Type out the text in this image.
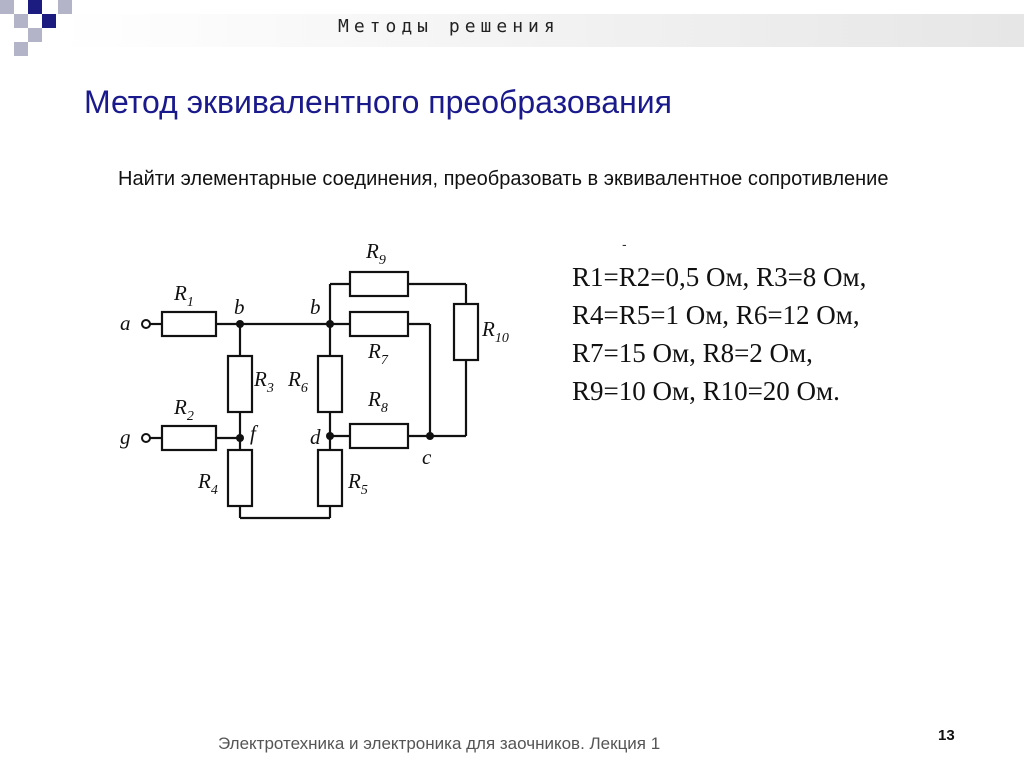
Методы решения
Метод эквивалентного преобразования
Найти элементарные соединения, преобразовать в эквивалентное сопротивление
$R_1$
$R_2$
$R_3$
$R_4$	$R_5$
$R_6$
$R_7$
$R_8$
$R_9$
$R_{10}$
a
g
b	b
f	d
c
-
R1=R2=0,5 Ом, R3=8 Ом,
R4=R5=1 Ом, R6=12 Ом,
R7=15 Ом, R8=2 Ом,
R9=10 Ом, R10=20 Ом.
Электротехника и электроника для заочников. Лекция 1	13
